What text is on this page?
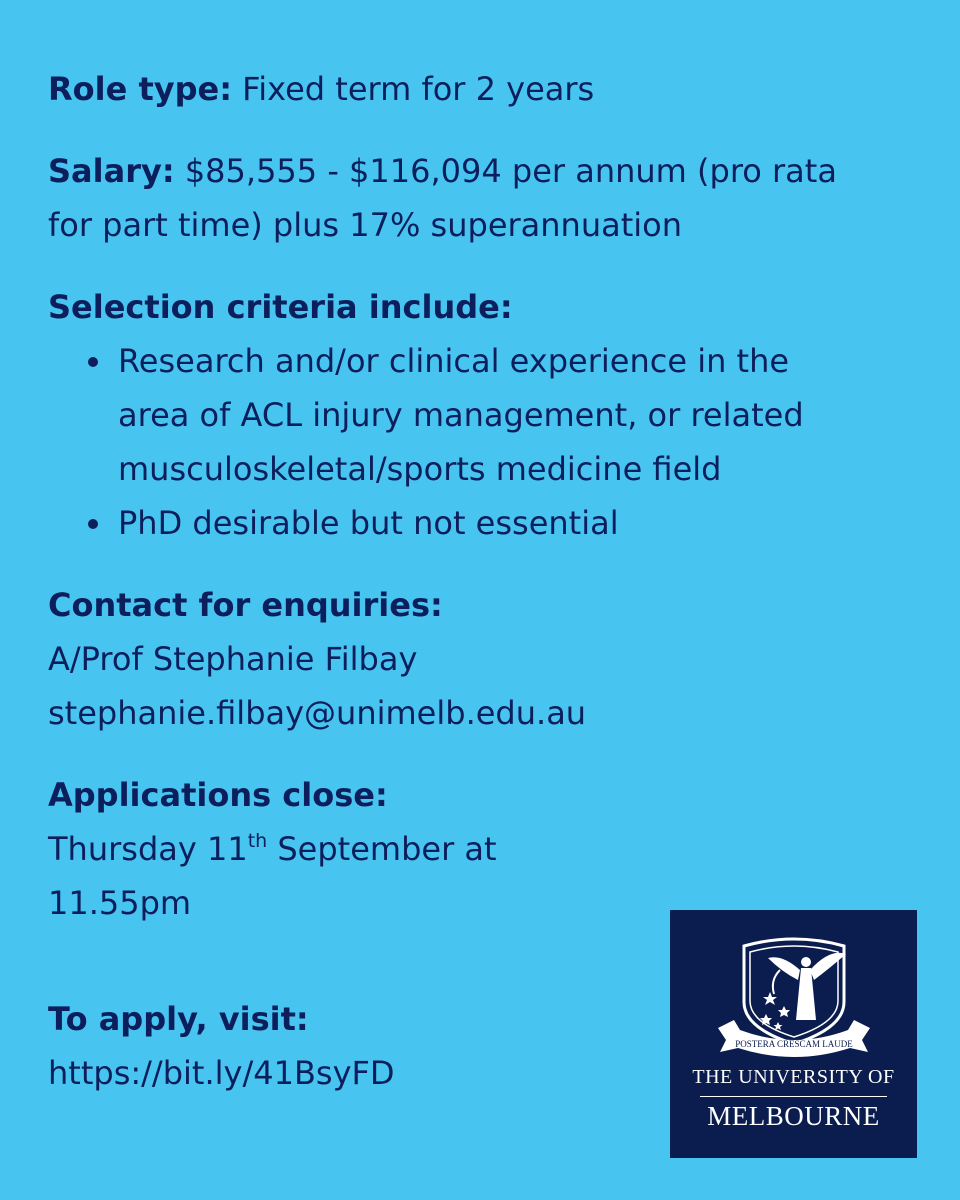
Role type: Fixed term for 2 years

Salary: $85,555 - $116,094 per annum (pro rata for part time) plus 17% superannuation

Selection criteria include:

Research and/or clinical experience in the area of ACL injury management, or related musculoskeletal/sports medicine field
PhD desirable but not essential

Contact for enquiries:

A/Prof Stephanie Filbay

stephanie.filbay@unimelb.edu.au

Applications close:

Thursday 11th September at

11.55pm

To apply, visit:

https://bit.ly/41BsyFD

POSTERA CRESCAM LAUDE
THE UNIVERSITY OF
MELBOURNE
